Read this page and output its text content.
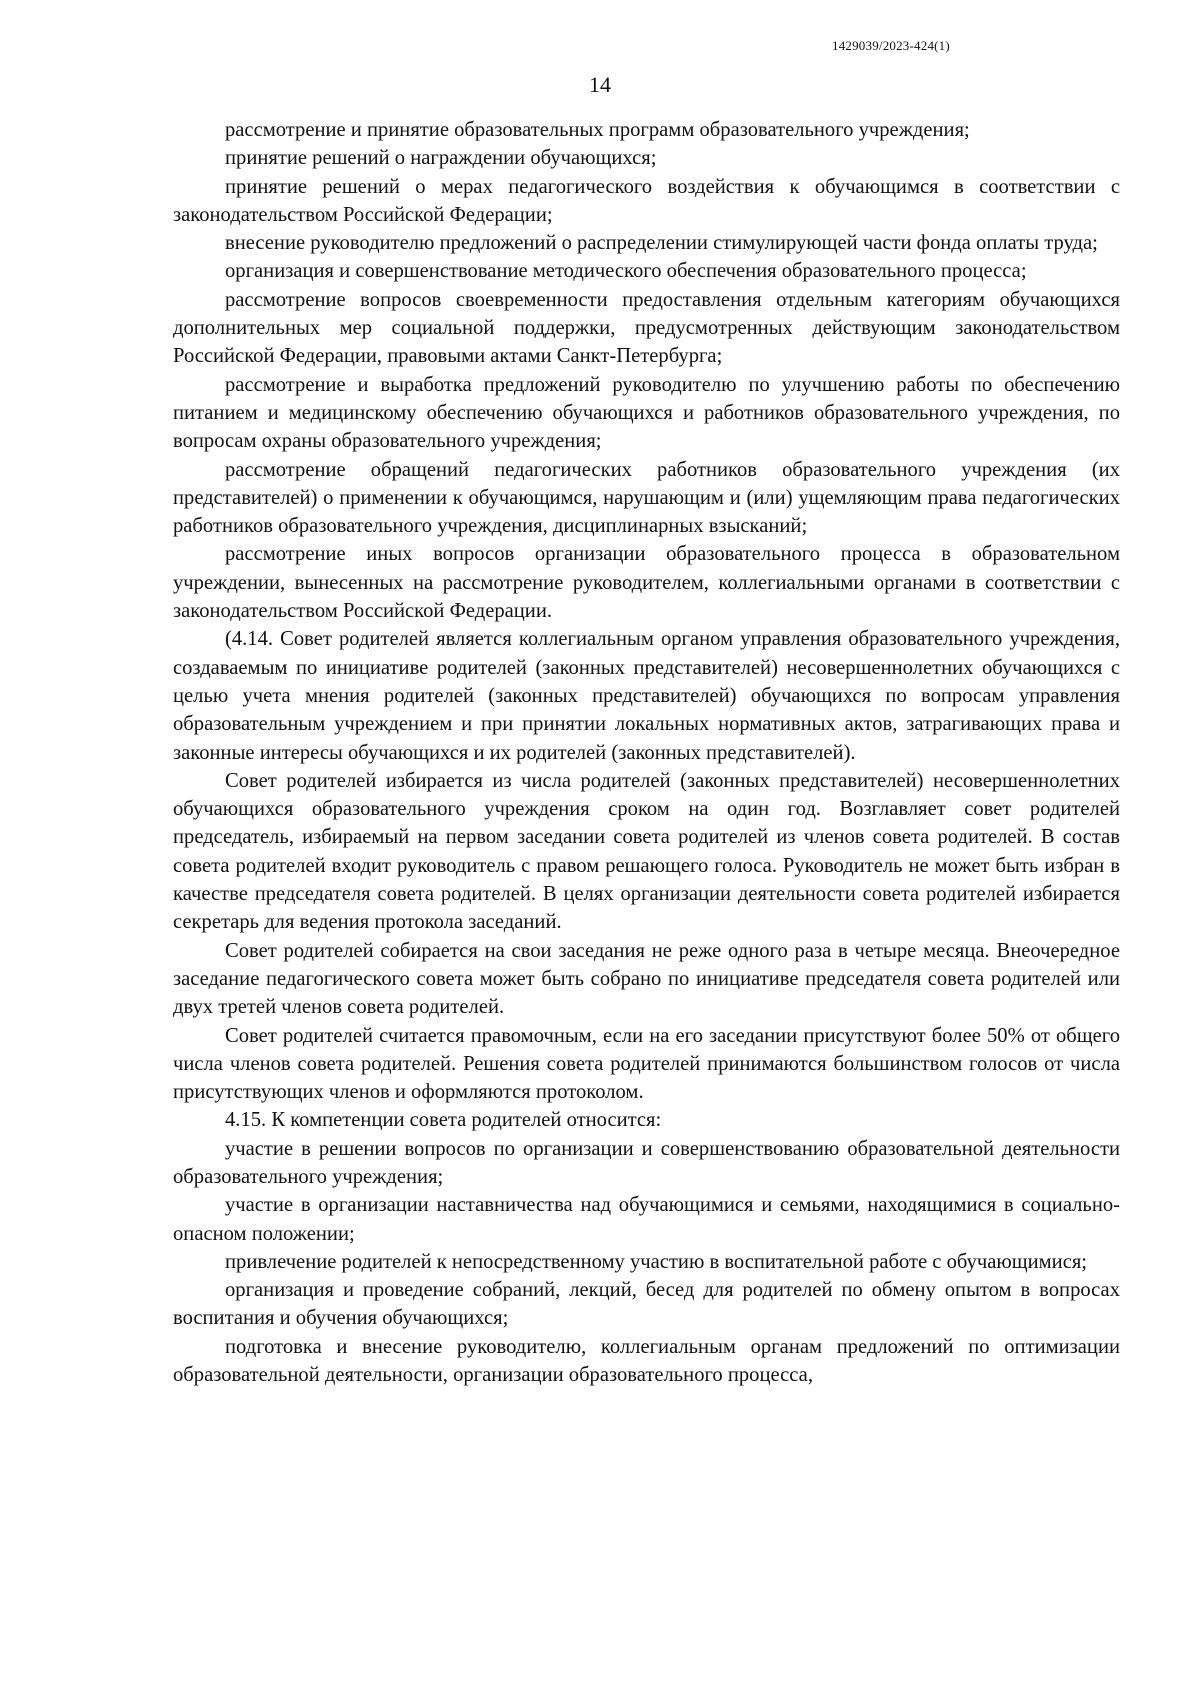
1429039/2023-424(1)
14

рассмотрение и принятие образовательных программ образовательного учреждения;

принятие решений о награждении обучающихся;

принятие решений о мерах педагогического воздействия к обучающимся в соответствии с законодательством Российской Федерации;

внесение руководителю предложений о распределении стимулирующей части фонда оплаты труда;

организация и совершенствование методического обеспечения образовательного процесса;

рассмотрение вопросов своевременности предоставления отдельным категориям обучающихся дополнительных мер социальной поддержки, предусмотренных действующим законодательством Российской Федерации, правовыми актами Санкт-Петербурга;

рассмотрение и выработка предложений руководителю по улучшению работы по обеспечению питанием и медицинскому обеспечению обучающихся и работников образовательного учреждения, по вопросам охраны образовательного учреждения;

рассмотрение обращений педагогических работников образовательного учреждения (их представителей) о применении к обучающимся, нарушающим и (или) ущемляющим права педагогических работников образовательного учреждения, дисциплинарных взысканий;

рассмотрение иных вопросов организации образовательного процесса в образовательном учреждении, вынесенных на рассмотрение руководителем, коллегиальными органами в соответствии с законодательством Российской Федерации.

(4.14. Совет родителей является коллегиальным органом управления образовательного учреждения, создаваемым по инициативе родителей (законных представителей) несовершеннолетних обучающихся с целью учета мнения родителей (законных представителей) обучающихся по вопросам управления образовательным учреждением и при принятии локальных нормативных актов, затрагивающих права и законные интересы обучающихся и их родителей (законных представителей).

Совет родителей избирается из числа родителей (законных представителей) несовершеннолетних обучающихся образовательного учреждения сроком на один год. Возглавляет совет родителей председатель, избираемый на первом заседании совета родителей из членов совета родителей. В состав совета родителей входит руководитель с правом решающего голоса. Руководитель не может быть избран в качестве председателя совета родителей. В целях организации деятельности совета родителей избирается секретарь для ведения протокола заседаний.

Совет родителей собирается на свои заседания не реже одного раза в четыре месяца. Внеочередное заседание педагогического совета может быть собрано по инициативе председателя совета родителей или двух третей членов совета родителей.

Совет родителей считается правомочным, если на его заседании присутствуют более 50% от общего числа членов совета родителей. Решения совета родителей принимаются большинством голосов от числа присутствующих членов и оформляются протоколом.

4.15. К компетенции совета родителей относится:

участие в решении вопросов по организации и совершенствованию образовательной деятельности образовательного учреждения;

участие в организации наставничества над обучающимися и семьями, находящимися в социально-опасном положении;

привлечение родителей к непосредственному участию в воспитательной работе с обучающимися;

организация и проведение собраний, лекций, бесед для родителей по обмену опытом в вопросах воспитания и обучения обучающихся;

подготовка и внесение руководителю, коллегиальным органам предложений по оптимизации образовательной деятельности, организации образовательного процесса,
